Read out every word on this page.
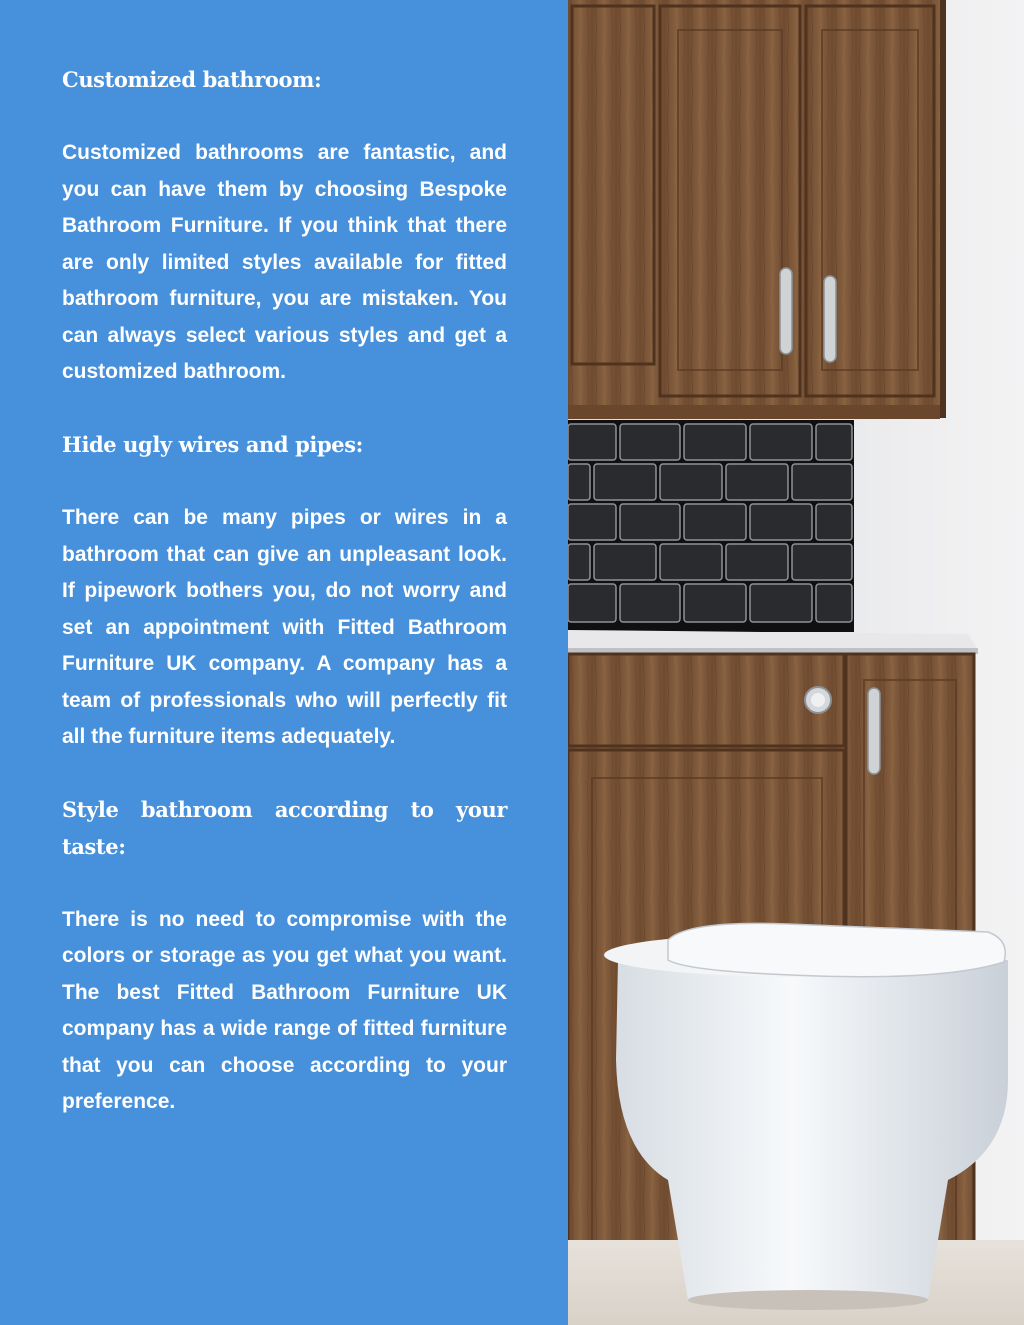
Customized bathroom:

Customized bathrooms are fantastic, and you can have them by choosing Bespoke Bathroom Furniture. If you think that there are only limited styles available for fitted bathroom furniture, you are mistaken. You can always select various styles and get a customized bathroom.

Hide ugly wires and pipes:

There can be many pipes or wires in a bathroom that can give an unpleasant look. If pipework bothers you, do not worry and set an appointment with Fitted Bathroom Furniture UK company. A company has a team of professionals who will perfectly fit all the furniture items adequately.

Style bathroom according to your taste:

There is no need to compromise with the colors or storage as you get what you want. The best Fitted Bathroom Furniture UK company has a wide range of fitted furniture that you can choose according to your preference.
